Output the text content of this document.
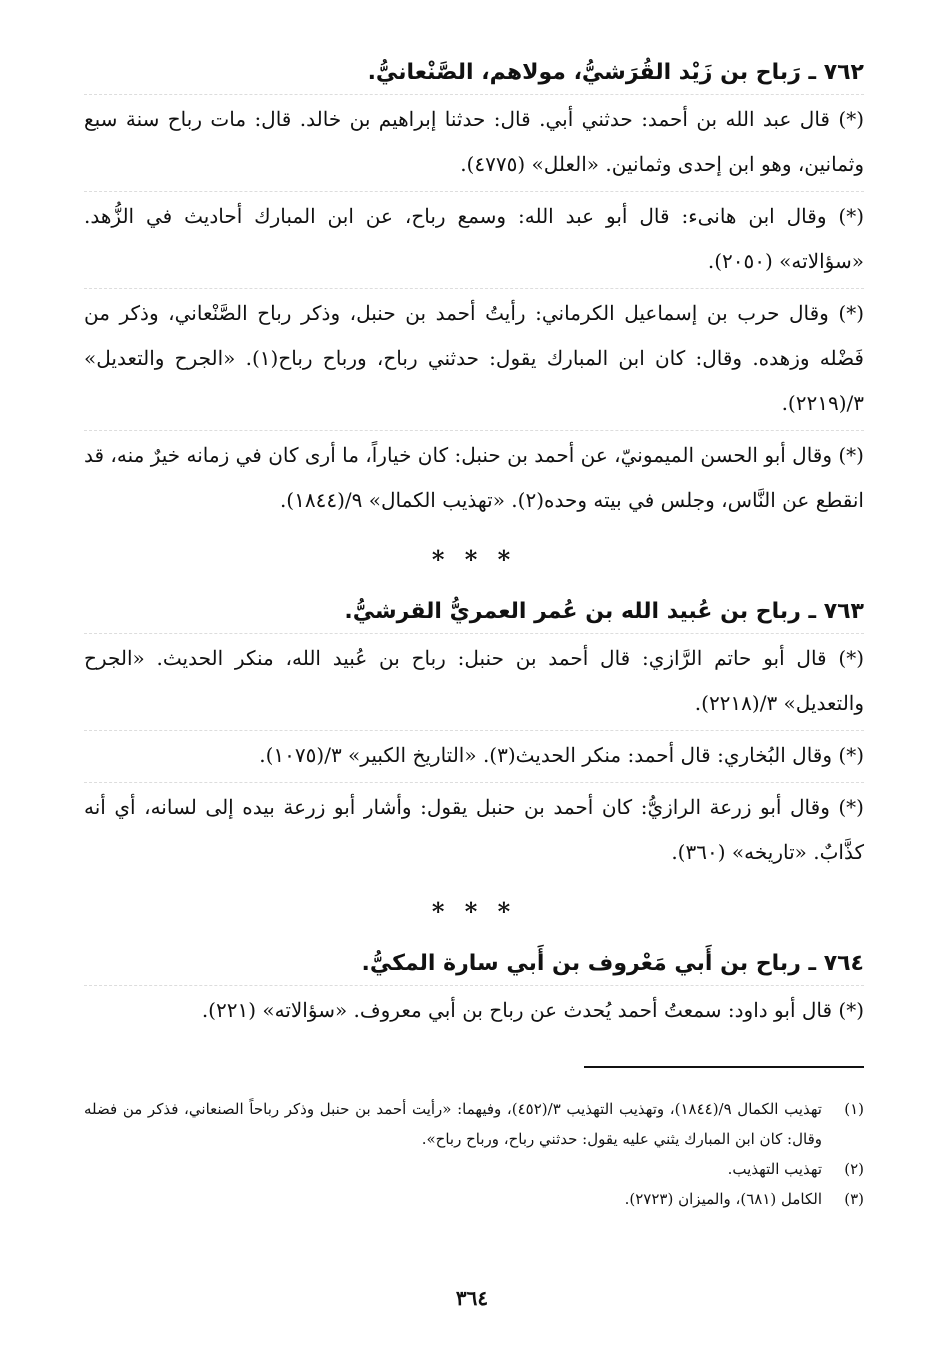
٧٦٢ ـ رَباح بن زَيْد القُرَشيُّ، مولاهم، الصَّنْعانيُّ.

(*) قال عبد الله بن أحمد: حدثني أبي. قال: حدثنا إبراهيم بن خالد. قال: مات رباح سنة سبع وثمانين، وهو ابن إحدى وثمانين. «العلل» (٤٧٧٥).

(*) وقال ابن هانىء: قال أبو عبد الله: وسمع رباح، عن ابن المبارك أحاديث في الزُّهد. «سؤالاته» (٢٠٥٠).

(*) وقال حرب بن إسماعيل الكرماني: رأيتُ أحمد بن حنبل، وذكر رباح الصَّنْعاني، وذكر من فَضْله وزهده. وقال: كان ابن المبارك يقول: حدثني رباح، ورباح رباح(١). «الجرح والتعديل» ٣/(٢٢١٩).

(*) وقال أبو الحسن الميمونيّ، عن أحمد بن حنبل: كان خياراً، ما أرى كان في زمانه خيرٌ منه، قد انقطع عن النَّاس، وجلس في بيته وحده(٢). «تهذيب الكمال» ٩/(١٨٤٤).

* * *
٧٦٣ ـ رباح بن عُبيد الله بن عُمر العمريُّ القرشيُّ.

(*) قال أبو حاتم الرَّازي: قال أحمد بن حنبل: رباح بن عُبيد الله، منكر الحديث. «الجرح والتعديل» ٣/(٢٢١٨).

(*) وقال البُخاري: قال أحمد: منكر الحديث(٣). «التاريخ الكبير» ٣/(١٠٧٥).

(*) وقال أبو زرعة الرازيُّ: كان أحمد بن حنبل يقول: وأشار أبو زرعة بيده إلى لسانه، أي أنه كذَّابٌ. «تاريخه» (٣٦٠).

* * *
٧٦٤ ـ رباح بن أَبي مَعْروف بن أَبي سارة المكيُّ.

(*) قال أبو داود: سمعتُ أحمد يُحدث عن رباح بن أبي معروف. «سؤالاته» (٢٢١).

(١)
تهذيب الكمال ٩/(١٨٤٤)، وتهذيب التهذيب ٣/(٤٥٢)، وفيهما: «رأيت أحمد بن حنبل وذكر رباحاً الصنعاني، فذكر من فضله وقال: كان ابن المبارك يثني عليه يقول: حدثني رباح، ورباح رباح».
(٢)
تهذيب التهذيب.
(٣)
الكامل (٦٨١)، والميزان (٢٧٢٣).
٣٦٤
